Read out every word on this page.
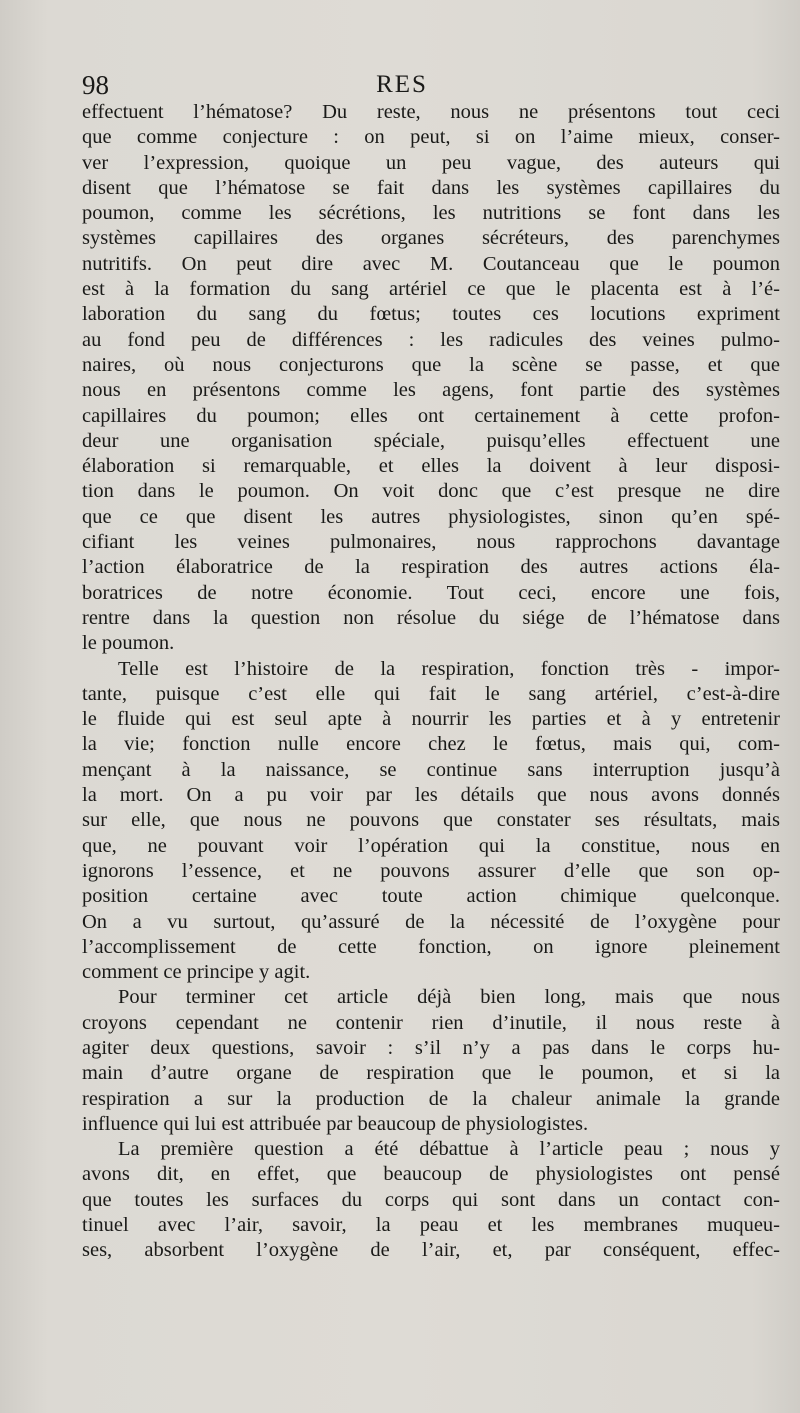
98	RES
effectuent l’hématose? Du reste, nous ne présentons tout ceci
que comme conjecture : on peut, si on l’aime mieux, conser-
ver l’expression, quoique un peu vague, des auteurs qui
disent que l’hématose se fait dans les systèmes capillaires du
poumon, comme les sécrétions, les nutritions se font dans les
systèmes capillaires des organes sécréteurs, des parenchymes
nutritifs. On peut dire avec M. Coutanceau que le poumon
est à la formation du sang artériel ce que le placenta est à l’é-
laboration du sang du fœtus; toutes ces locutions expriment
au fond peu de différences : les radicules des veines pulmo-
naires, où nous conjecturons que la scène se passe, et que
nous en présentons comme les agens, font partie des systèmes
capillaires du poumon; elles ont certainement à cette profon-
deur une organisation spéciale, puisqu’elles effectuent une
élaboration si remarquable, et elles la doivent à leur disposi-
tion dans le poumon. On voit donc que c’est presque ne dire
que ce que disent les autres physiologistes, sinon qu’en spé-
cifiant les veines pulmonaires, nous rapprochons davantage
l’action élaboratrice de la respiration des autres actions éla-
boratrices de notre économie. Tout ceci, encore une fois,
rentre dans la question non résolue du siége de l’hématose dans
le poumon.
Telle est l’histoire de la respiration, fonction très - impor-
tante, puisque c’est elle qui fait le sang artériel, c’est-à-dire
le fluide qui est seul apte à nourrir les parties et à y entretenir
la vie; fonction nulle encore chez le fœtus, mais qui, com-
mençant à la naissance, se continue sans interruption jusqu’à
la mort. On a pu voir par les détails que nous avons donnés
sur elle, que nous ne pouvons que constater ses résultats, mais
que, ne pouvant voir l’opération qui la constitue, nous en
ignorons l’essence, et ne pouvons assurer d’elle que son op-
position certaine avec toute action chimique quelconque.
On a vu surtout, qu’assuré de la nécessité de l’oxygène pour
l’accomplissement de cette fonction, on ignore pleinement
comment ce principe y agit.
Pour terminer cet article déjà bien long, mais que nous
croyons cependant ne contenir rien d’inutile, il nous reste à
agiter deux questions, savoir : s’il n’y a pas dans le corps hu-
main d’autre organe de respiration que le poumon, et si la
respiration a sur la production de la chaleur animale la grande
influence qui lui est attribuée par beaucoup de physiologistes.
La première question a été débattue à l’article peau ; nous y
avons dit, en effet, que beaucoup de physiologistes ont pensé
que toutes les surfaces du corps qui sont dans un contact con-
tinuel avec l’air, savoir, la peau et les membranes muqueu-
ses, absorbent l’oxygène de l’air, et, par conséquent, effec-
